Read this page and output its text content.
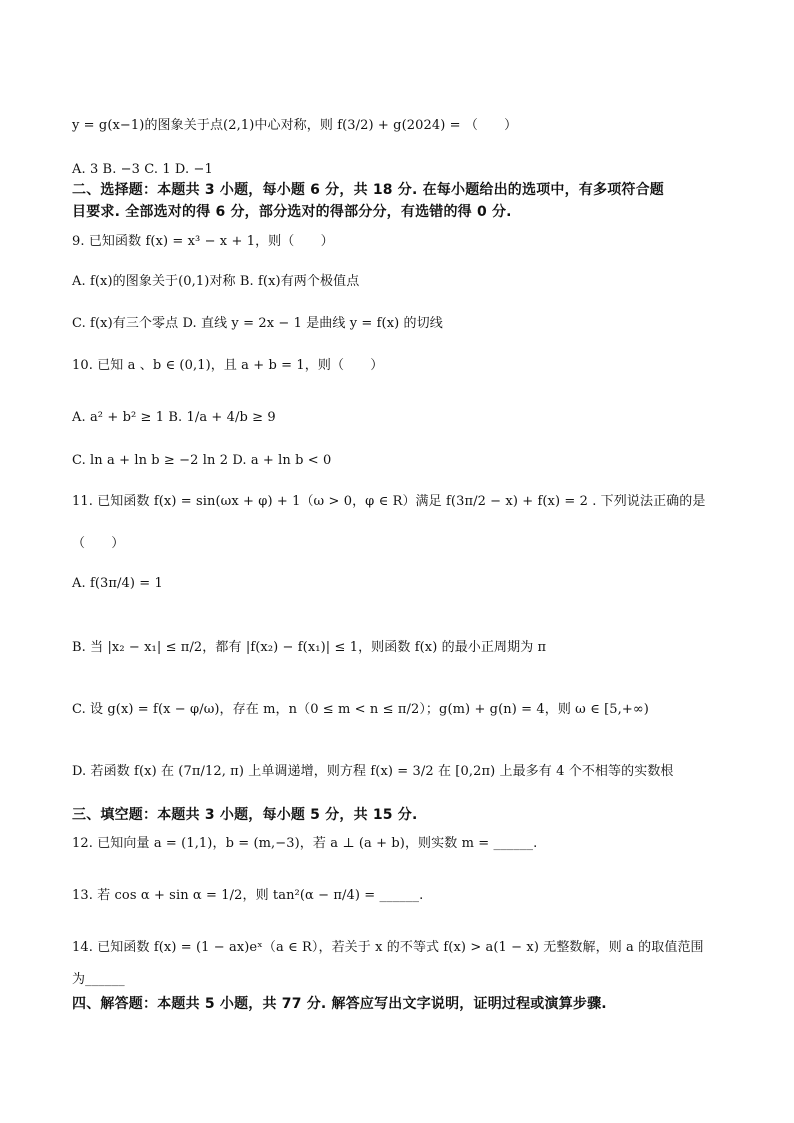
y = g(x−1)的图象关于点(2,1)中心对称，则 f(3/2) + g(2024) = （　　）
A. 3 B. −3 C. 1 D. −1
二、选择题：本题共 3 小题，每小题 6 分，共 18 分. 在每小题给出的选项中，有多项符合题
目要求. 全部选对的得 6 分，部分选对的得部分分，有选错的得 0 分.
9. 已知函数 f(x) = x³ − x + 1，则（　　）
A. f(x)的图象关于(0,1)对称 B. f(x)有两个极值点
C. f(x)有三个零点 D. 直线 y = 2x − 1 是曲线 y = f(x) 的切线
10. 已知 a 、b ∈ (0,1)，且 a + b = 1，则（　　）
A. a² + b² ≥ 1 B. 1/a + 4/b ≥ 9
C. ln a + ln b ≥ −2 ln 2 D. a + ln b < 0
11. 已知函数 f(x) = sin(ωx + φ) + 1（ω > 0，φ ∈ R）满足 f(3π/2 − x) + f(x) = 2 . 下列说法正确的是
（　　）
A. f(3π/4) = 1
B. 当 |x₂ − x₁| ≤ π/2，都有 |f(x₂) − f(x₁)| ≤ 1，则函数 f(x) 的最小正周期为 π
C. 设 g(x) = f(x − φ/ω)，存在 m，n（0 ≤ m < n ≤ π/2）；g(m) + g(n) = 4，则 ω ∈ [5,+∞)
D. 若函数 f(x) 在 (7π/12, π) 上单调递增，则方程 f(x) = 3/2 在 [0,2π) 上最多有 4 个不相等的实数根
三、填空题：本题共 3 小题，每小题 5 分，共 15 分.
12. 已知向量 a = (1,1)，b = (m,−3)，若 a ⊥ (a + b)，则实数 m = ______.
13. 若 cos α + sin α = 1/2，则 tan²(α − π/4) = ______.
14. 已知函数 f(x) = (1 − ax)eˣ（a ∈ R），若关于 x 的不等式 f(x) > a(1 − x) 无整数解，则 a 的取值范围
为______
四、解答题：本题共 5 小题，共 77 分. 解答应写出文字说明，证明过程或演算步骤.
